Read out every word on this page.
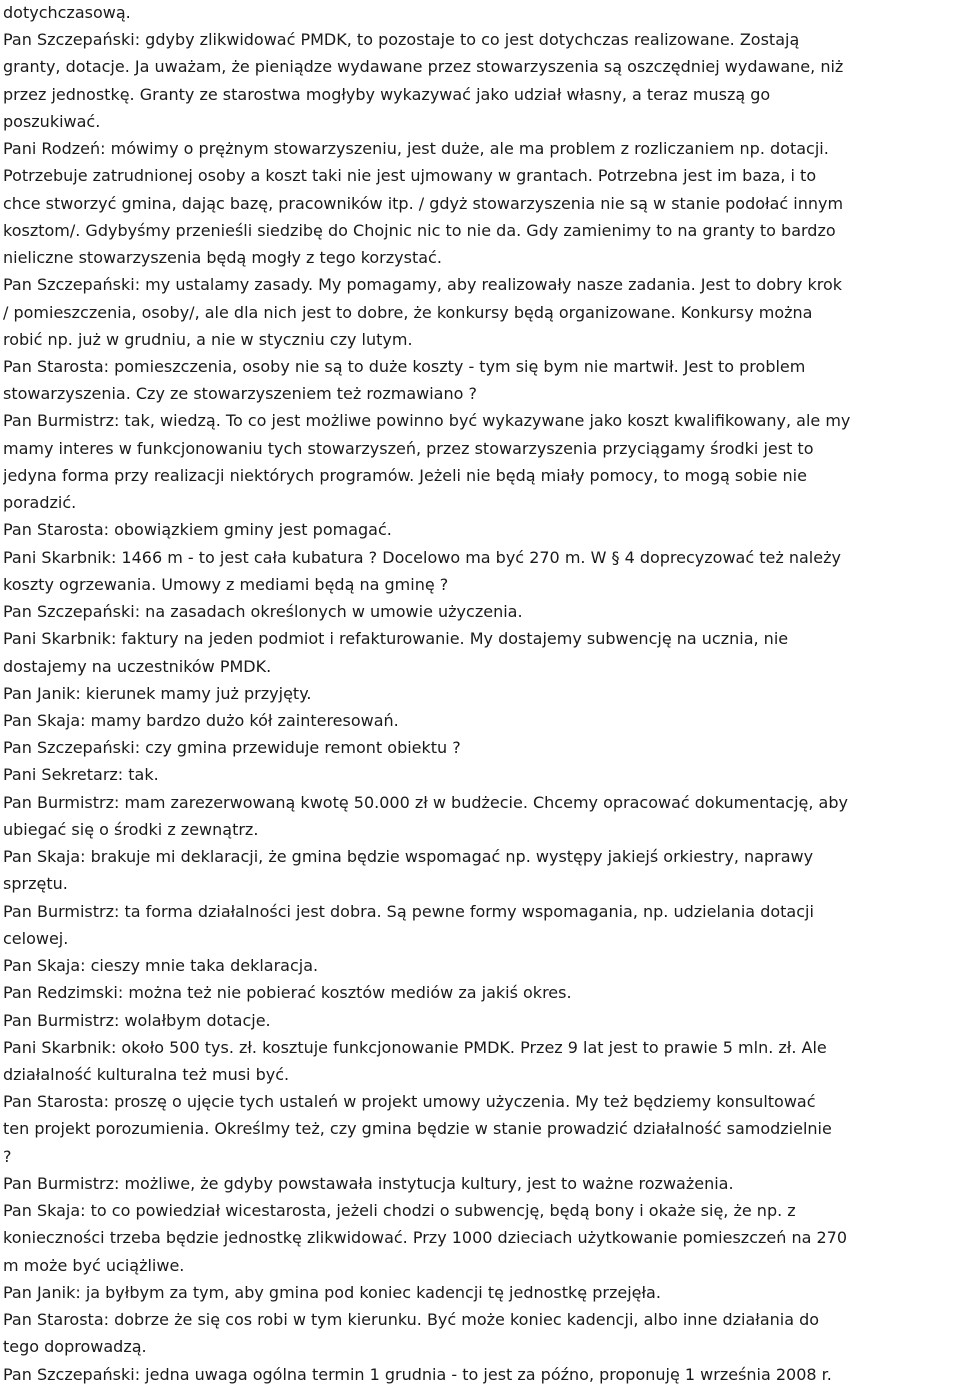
dotychczasową.
Pan Szczepański: gdyby zlikwidować PMDK, to pozostaje to co jest dotychczas realizowane. Zostają
granty, dotacje. Ja uważam, że pieniądze wydawane przez stowarzyszenia są oszczędniej wydawane, niż
przez jednostkę. Granty ze starostwa mogłyby wykazywać jako udział własny, a teraz muszą go
poszukiwać.
Pani Rodzeń: mówimy o prężnym stowarzyszeniu, jest duże, ale ma problem z rozliczaniem np. dotacji.
Potrzebuje zatrudnionej osoby a koszt taki nie jest ujmowany w grantach. Potrzebna jest im baza, i to
chce stworzyć gmina, dając bazę, pracowników itp. / gdyż stowarzyszenia nie są w stanie podołać innym
kosztom/. Gdybyśmy przenieśli siedzibę do Chojnic nic to nie da. Gdy zamienimy to na granty to bardzo
nieliczne stowarzyszenia będą mogły z tego korzystać.
Pan Szczepański: my ustalamy zasady. My pomagamy, aby realizowały nasze zadania. Jest to dobry krok
/ pomieszczenia, osoby/, ale dla nich jest to dobre, że konkursy będą organizowane. Konkursy można
robić np. już w grudniu, a nie w styczniu czy lutym.
Pan Starosta: pomieszczenia, osoby nie są to duże koszty - tym się bym nie martwił. Jest to problem
stowarzyszenia. Czy ze stowarzyszeniem też rozmawiano ?
Pan Burmistrz: tak, wiedzą. To co jest możliwe powinno być wykazywane jako koszt kwalifikowany, ale my
mamy interes w funkcjonowaniu tych stowarzyszeń, przez stowarzyszenia przyciągamy środki jest to
jedyna forma przy realizacji niektórych programów. Jeżeli nie będą miały pomocy, to mogą sobie nie
poradzić.
Pan Starosta: obowiązkiem gminy jest pomagać.
Pani Skarbnik: 1466 m - to jest cała kubatura ? Docelowo ma być 270 m. W § 4 doprecyzować też należy
koszty ogrzewania. Umowy z mediami będą na gminę ?
Pan Szczepański: na zasadach określonych w umowie użyczenia.
Pani Skarbnik: faktury na jeden podmiot i refakturowanie. My dostajemy subwencję na ucznia, nie
dostajemy na uczestników PMDK.
Pan Janik: kierunek mamy już przyjęty.
Pan Skaja: mamy bardzo dużo kół zainteresowań.
Pan Szczepański: czy gmina przewiduje remont obiektu ?
Pani Sekretarz: tak.
Pan Burmistrz: mam zarezerwowaną kwotę 50.000 zł w budżecie. Chcemy opracować dokumentację, aby
ubiegać się o środki z zewnątrz.
Pan Skaja: brakuje mi deklaracji, że gmina będzie wspomagać np. występy jakiejś orkiestry, naprawy
sprzętu.
Pan Burmistrz: ta forma działalności jest dobra. Są pewne formy wspomagania, np. udzielania dotacji
celowej.
Pan Skaja: cieszy mnie taka deklaracja.
Pan Redzimski: można też nie pobierać kosztów mediów za jakiś okres.
Pan Burmistrz: wolałbym dotacje.
Pani Skarbnik: około 500 tys. zł. kosztuje funkcjonowanie PMDK. Przez 9 lat jest to prawie 5 mln. zł. Ale
działalność kulturalna też musi być.
Pan Starosta: proszę o ujęcie tych ustaleń w projekt umowy użyczenia. My też będziemy konsultować
ten projekt porozumienia. Określmy też, czy gmina będzie w stanie prowadzić działalność samodzielnie
?
Pan Burmistrz: możliwe, że gdyby powstawała instytucja kultury, jest to ważne rozważenia.
Pan Skaja: to co powiedział wicestarosta, jeżeli chodzi o subwencję, będą bony i okaże się, że np. z
konieczności trzeba będzie jednostkę zlikwidować. Przy 1000 dzieciach użytkowanie pomieszczeń na 270
m może być uciążliwe.
Pan Janik: ja byłbym za tym, aby gmina pod koniec kadencji tę jednostkę przejęła.
Pan Starosta: dobrze że się cos robi w tym kierunku. Być może koniec kadencji, albo inne działania do
tego doprowadzą.
Pan Szczepański: jedna uwaga ogólna termin 1 grudnia - to jest za późno, proponuję 1 września 2008 r.
